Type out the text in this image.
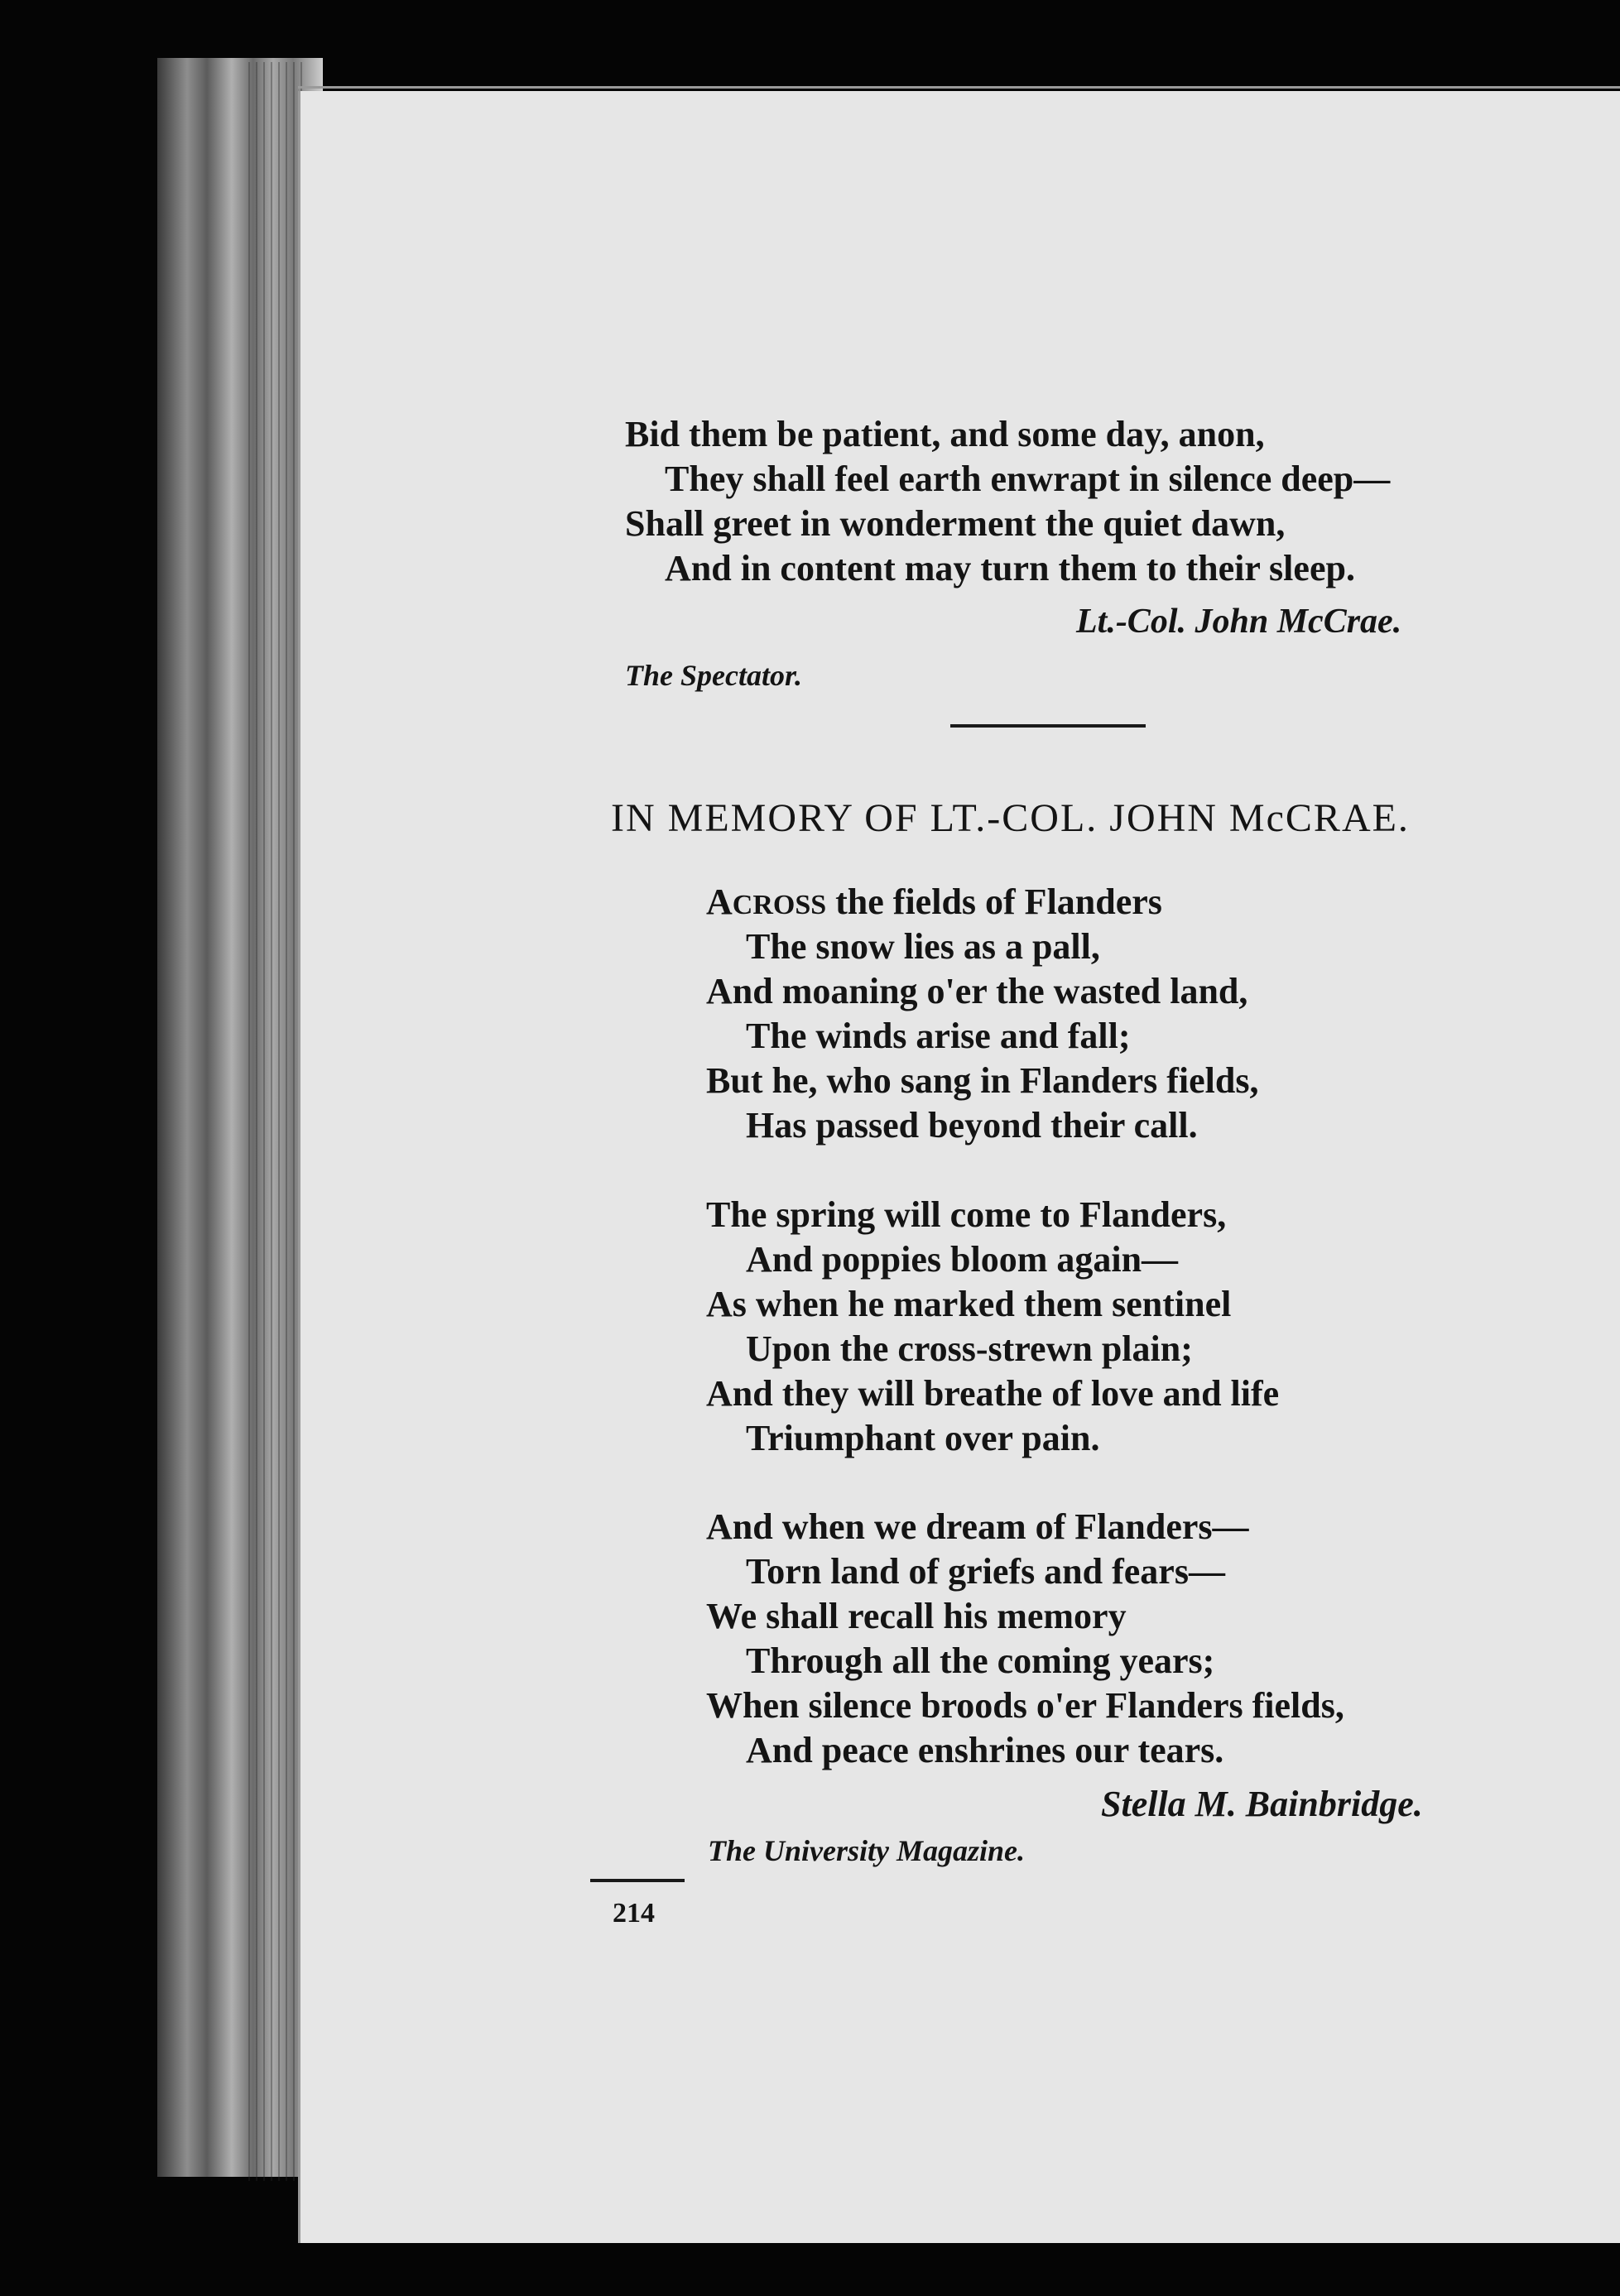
Bid them be patient, and some day, anon,
They shall feel earth enwrapt in silence deep—
Shall greet in wonderment the quiet dawn,
And in content may turn them to their sleep.
Lt.-Col. John McCrae.
The Spectator.
IN MEMORY OF LT.-COL. JOHN McCRAE.
ACROSS the fields of Flanders
The snow lies as a pall,
And moaning o'er the wasted land,
The winds arise and fall;
But he, who sang in Flanders fields,
Has passed beyond their call.
The spring will come to Flanders,
And poppies bloom again—
As when he marked them sentinel
Upon the cross-strewn plain;
And they will breathe of love and life
Triumphant over pain.
And when we dream of Flanders—
Torn land of griefs and fears—
We shall recall his memory
Through all the coming years;
When silence broods o'er Flanders fields,
And peace enshrines our tears.
Stella M. Bainbridge.
The University Magazine.
214
